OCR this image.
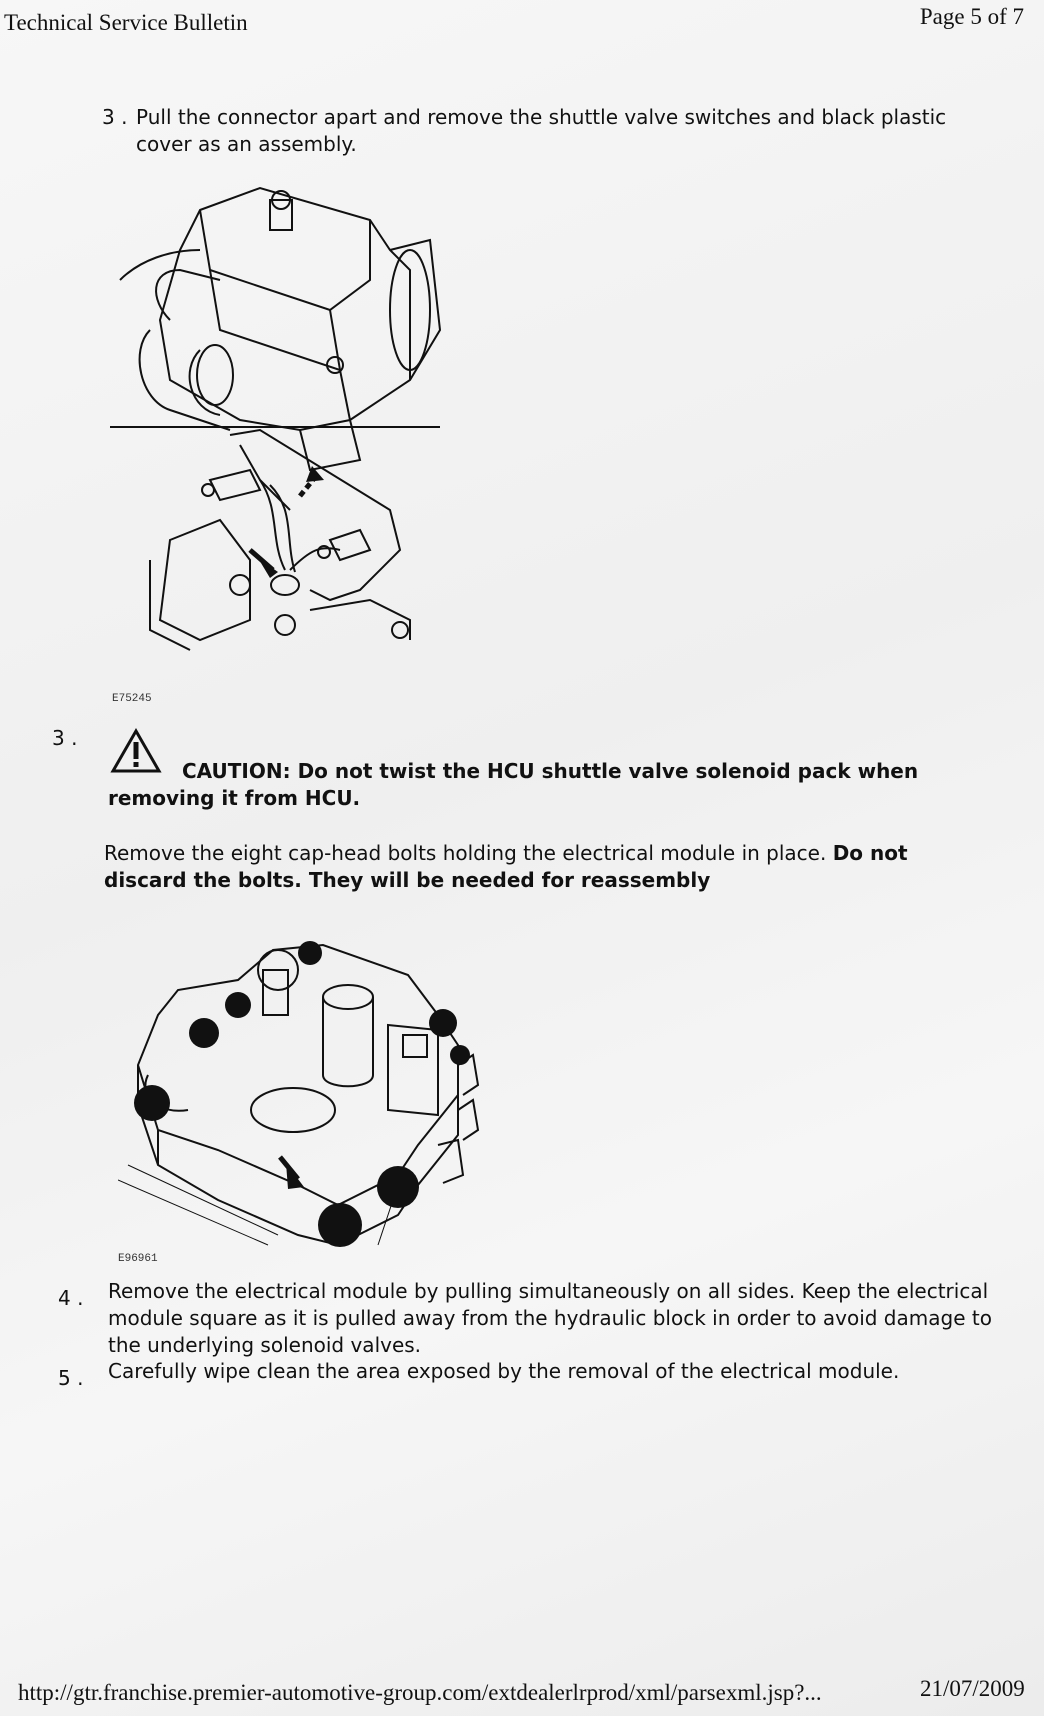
Technical Service Bulletin	Page 5 of 7
3 . Pull the connector apart and remove the shuttle valve switches and black plastic cover as an assembly.
E75245
3 .
CAUTION: Do not twist the HCU shuttle valve solenoid pack when removing it from HCU.
Remove the eight cap-head bolts holding the electrical module in place. Do not discard the bolts. They will be needed for reassembly
E96961
4 . Remove the electrical module by pulling simultaneously on all sides. Keep the electrical module square as it is pulled away from the hydraulic block in order to avoid damage to the underlying solenoid valves.
5 . Carefully wipe clean the area exposed by the removal of the electrical module.
http://gtr.franchise.premier-automotive-group.com/extdealerlrprod/xml/parsexml.jsp?...	21/07/2009
